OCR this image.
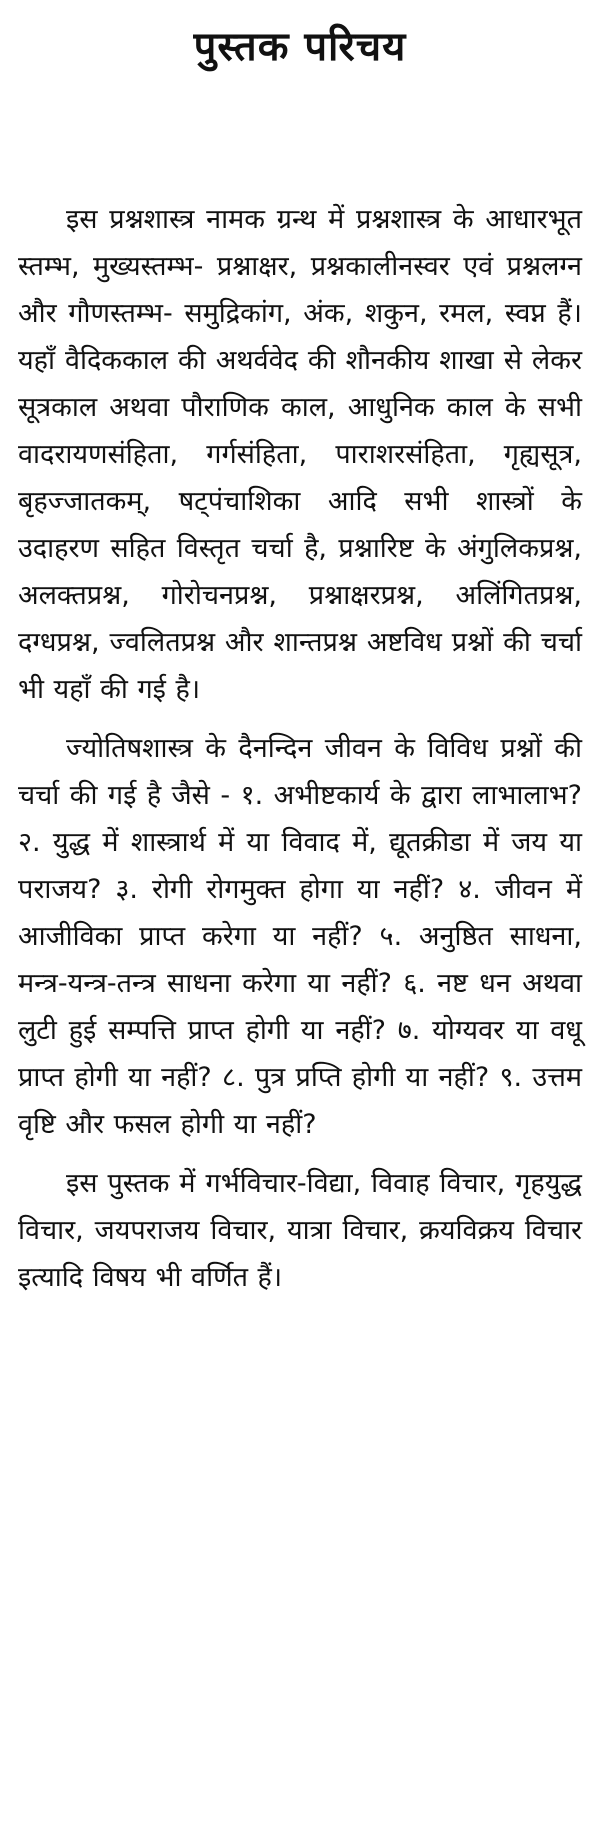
पुस्तक परिचय

इस प्रश्नशास्त्र नामक ग्रन्थ में प्रश्नशास्त्र के आधारभूत स्तम्भ, मुख्यस्तम्भ- प्रश्नाक्षर, प्रश्नकालीनस्वर एवं प्रश्नलग्न और गौणस्तम्भ- समुद्रिकांग, अंक, शकुन, रमल, स्वप्न हैं। यहाँ वैदिककाल की अथर्ववेद की शौनकीय शाखा से लेकर सूत्रकाल अथवा पौराणिक काल, आधुनिक काल के सभी वादरायणसंहिता, गर्गसंहिता, पाराशरसंहिता, गृह्यसूत्र, बृहज्जातकम्, षट्पंचाशिका आदि सभी शास्त्रों के उदाहरण सहित विस्तृत चर्चा है, प्रश्नारिष्ट के अंगुलिकप्रश्न, अलक्तप्रश्न, गोरोचनप्रश्न, प्रश्नाक्षरप्रश्न, अलिंगितप्रश्न, दग्धप्रश्न, ज्वलितप्रश्न और शान्तप्रश्न अष्टविध प्रश्नों की चर्चा भी यहाँ की गई है।

ज्योतिषशास्त्र के दैनन्दिन जीवन के विविध प्रश्नों की चर्चा की गई है जैसे - १. अभीष्टकार्य के द्वारा लाभालाभ? २. युद्ध में शास्त्रार्थ में या विवाद में, द्यूतक्रीडा में जय या पराजय? ३. रोगी रोगमुक्त होगा या नहीं? ४. जीवन में आजीविका प्राप्त करेगा या नहीं? ५. अनुष्ठित साधना, मन्त्र-यन्त्र-तन्त्र साधना करेगा या नहीं? ६. नष्ट धन अथवा लुटी हुई सम्पत्ति प्राप्त होगी या नहीं? ७. योग्यवर या वधू प्राप्त होगी या नहीं? ८. पुत्र प्रप्ति होगी या नहीं? ९. उत्तम वृष्टि और फसल होगी या नहीं?

इस पुस्तक में गर्भविचार-विद्या, विवाह विचार, गृहयुद्ध विचार, जयपराजय विचार, यात्रा विचार, क्रयविक्रय विचार इत्यादि विषय भी वर्णित हैं।
